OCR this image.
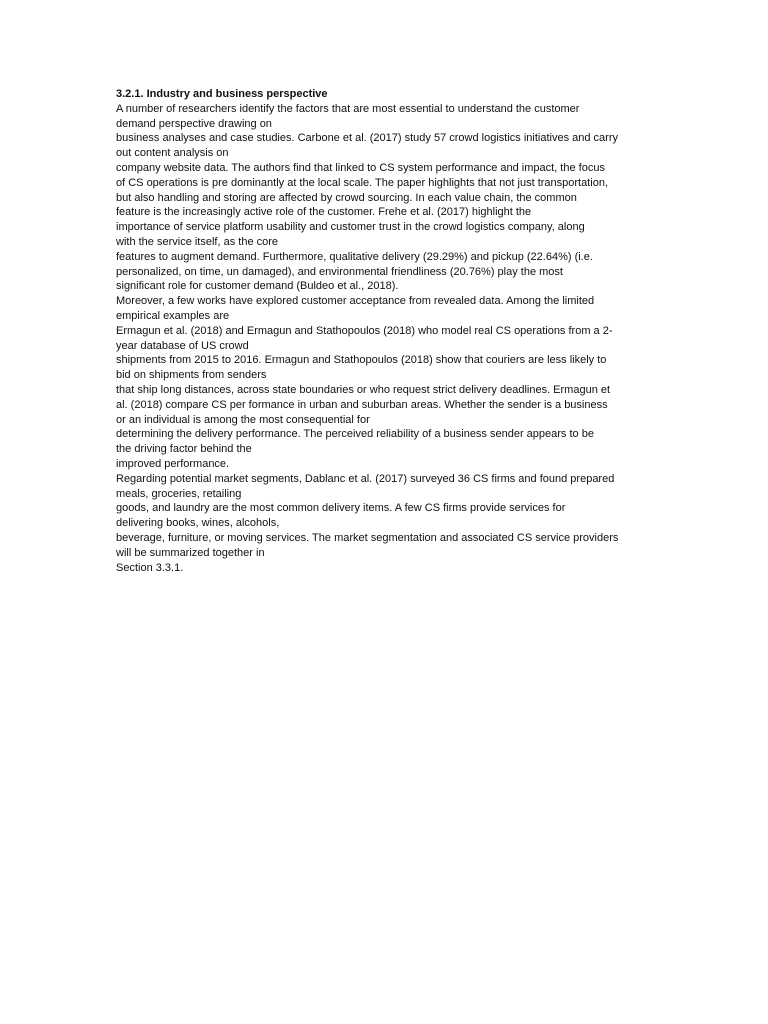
3.2.1. Industry and business perspective

A number of researchers identify the factors that are most essential to understand the customer

demand perspective drawing on

business analyses and case studies. Carbone et al. (2017) study 57 crowd logistics initiatives and carry

out content analysis on

company website data. The authors find that linked to CS system performance and impact, the focus

of CS operations is pre dominantly at the local scale. The paper highlights that not just transportation,

but also handling and storing are affected by crowd sourcing. In each value chain, the common

feature is the increasingly active role of the customer. Frehe et al. (2017) highlight the

importance of service platform usability and customer trust in the crowd logistics company, along

with the service itself, as the core

features to augment demand. Furthermore, qualitative delivery (29.29%) and pickup (22.64%) (i.e.

personalized, on time, un damaged), and environmental friendliness (20.76%) play the most

significant role for customer demand (Buldeo et al., 2018).

Moreover, a few works have explored customer acceptance from revealed data. Among the limited

empirical examples are

Ermagun et al. (2018) and Ermagun and Stathopoulos (2018) who model real CS operations from a 2-

year database of US crowd

shipments from 2015 to 2016. Ermagun and Stathopoulos (2018) show that couriers are less likely to

bid on shipments from senders

that ship long distances, across state boundaries or who request strict delivery deadlines. Ermagun et

al. (2018) compare CS per formance in urban and suburban areas. Whether the sender is a business

or an individual is among the most consequential for

determining the delivery performance. The perceived reliability of a business sender appears to be

the driving factor behind the

improved performance.

Regarding potential market segments, Dablanc et al. (2017) surveyed 36 CS firms and found prepared

meals, groceries, retailing

goods, and laundry are the most common delivery items. A few CS firms provide services for

delivering books, wines, alcohols,

beverage, furniture, or moving services. The market segmentation and associated CS service providers

will be summarized together in

Section 3.3.1.
